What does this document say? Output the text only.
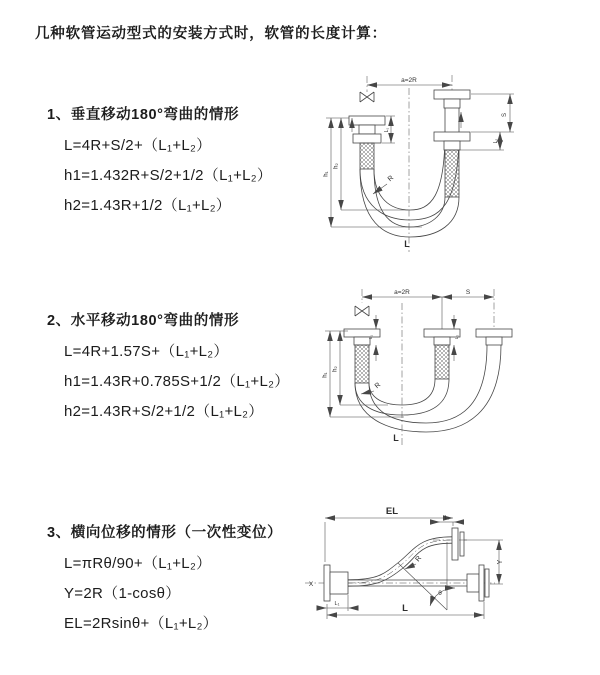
几种软管运动型式的安装方式时，软管的长度计算：
1、垂直移动180°弯曲的情形
L=4R+S/2+（L₁+L₂）
h1=1.432R+S/2+1/2（L₁+L₂）
h2=1.43R+1/2（L₁+L₂）
2、水平移动180°弯曲的情形
L=4R+1.57S+（L₁+L₂）
h1=1.43R+0.785S+1/2（L₁+L₂）
h2=1.43R+S/2+1/2（L₁+L₂）
3、横向位移的情形（一次性变位）
L=πRθ/90+（L₁+L₂）
Y=2R（1-cosθ）
EL=2Rsinθ+（L₁+L₂）
a=2R
S
L₂
L₁
h₁
h₂
R
L
a=2R	S
h₁
h₂
L₁	L₂
R
L
θ
EL
L₂
Y
L
L₁
X
R
